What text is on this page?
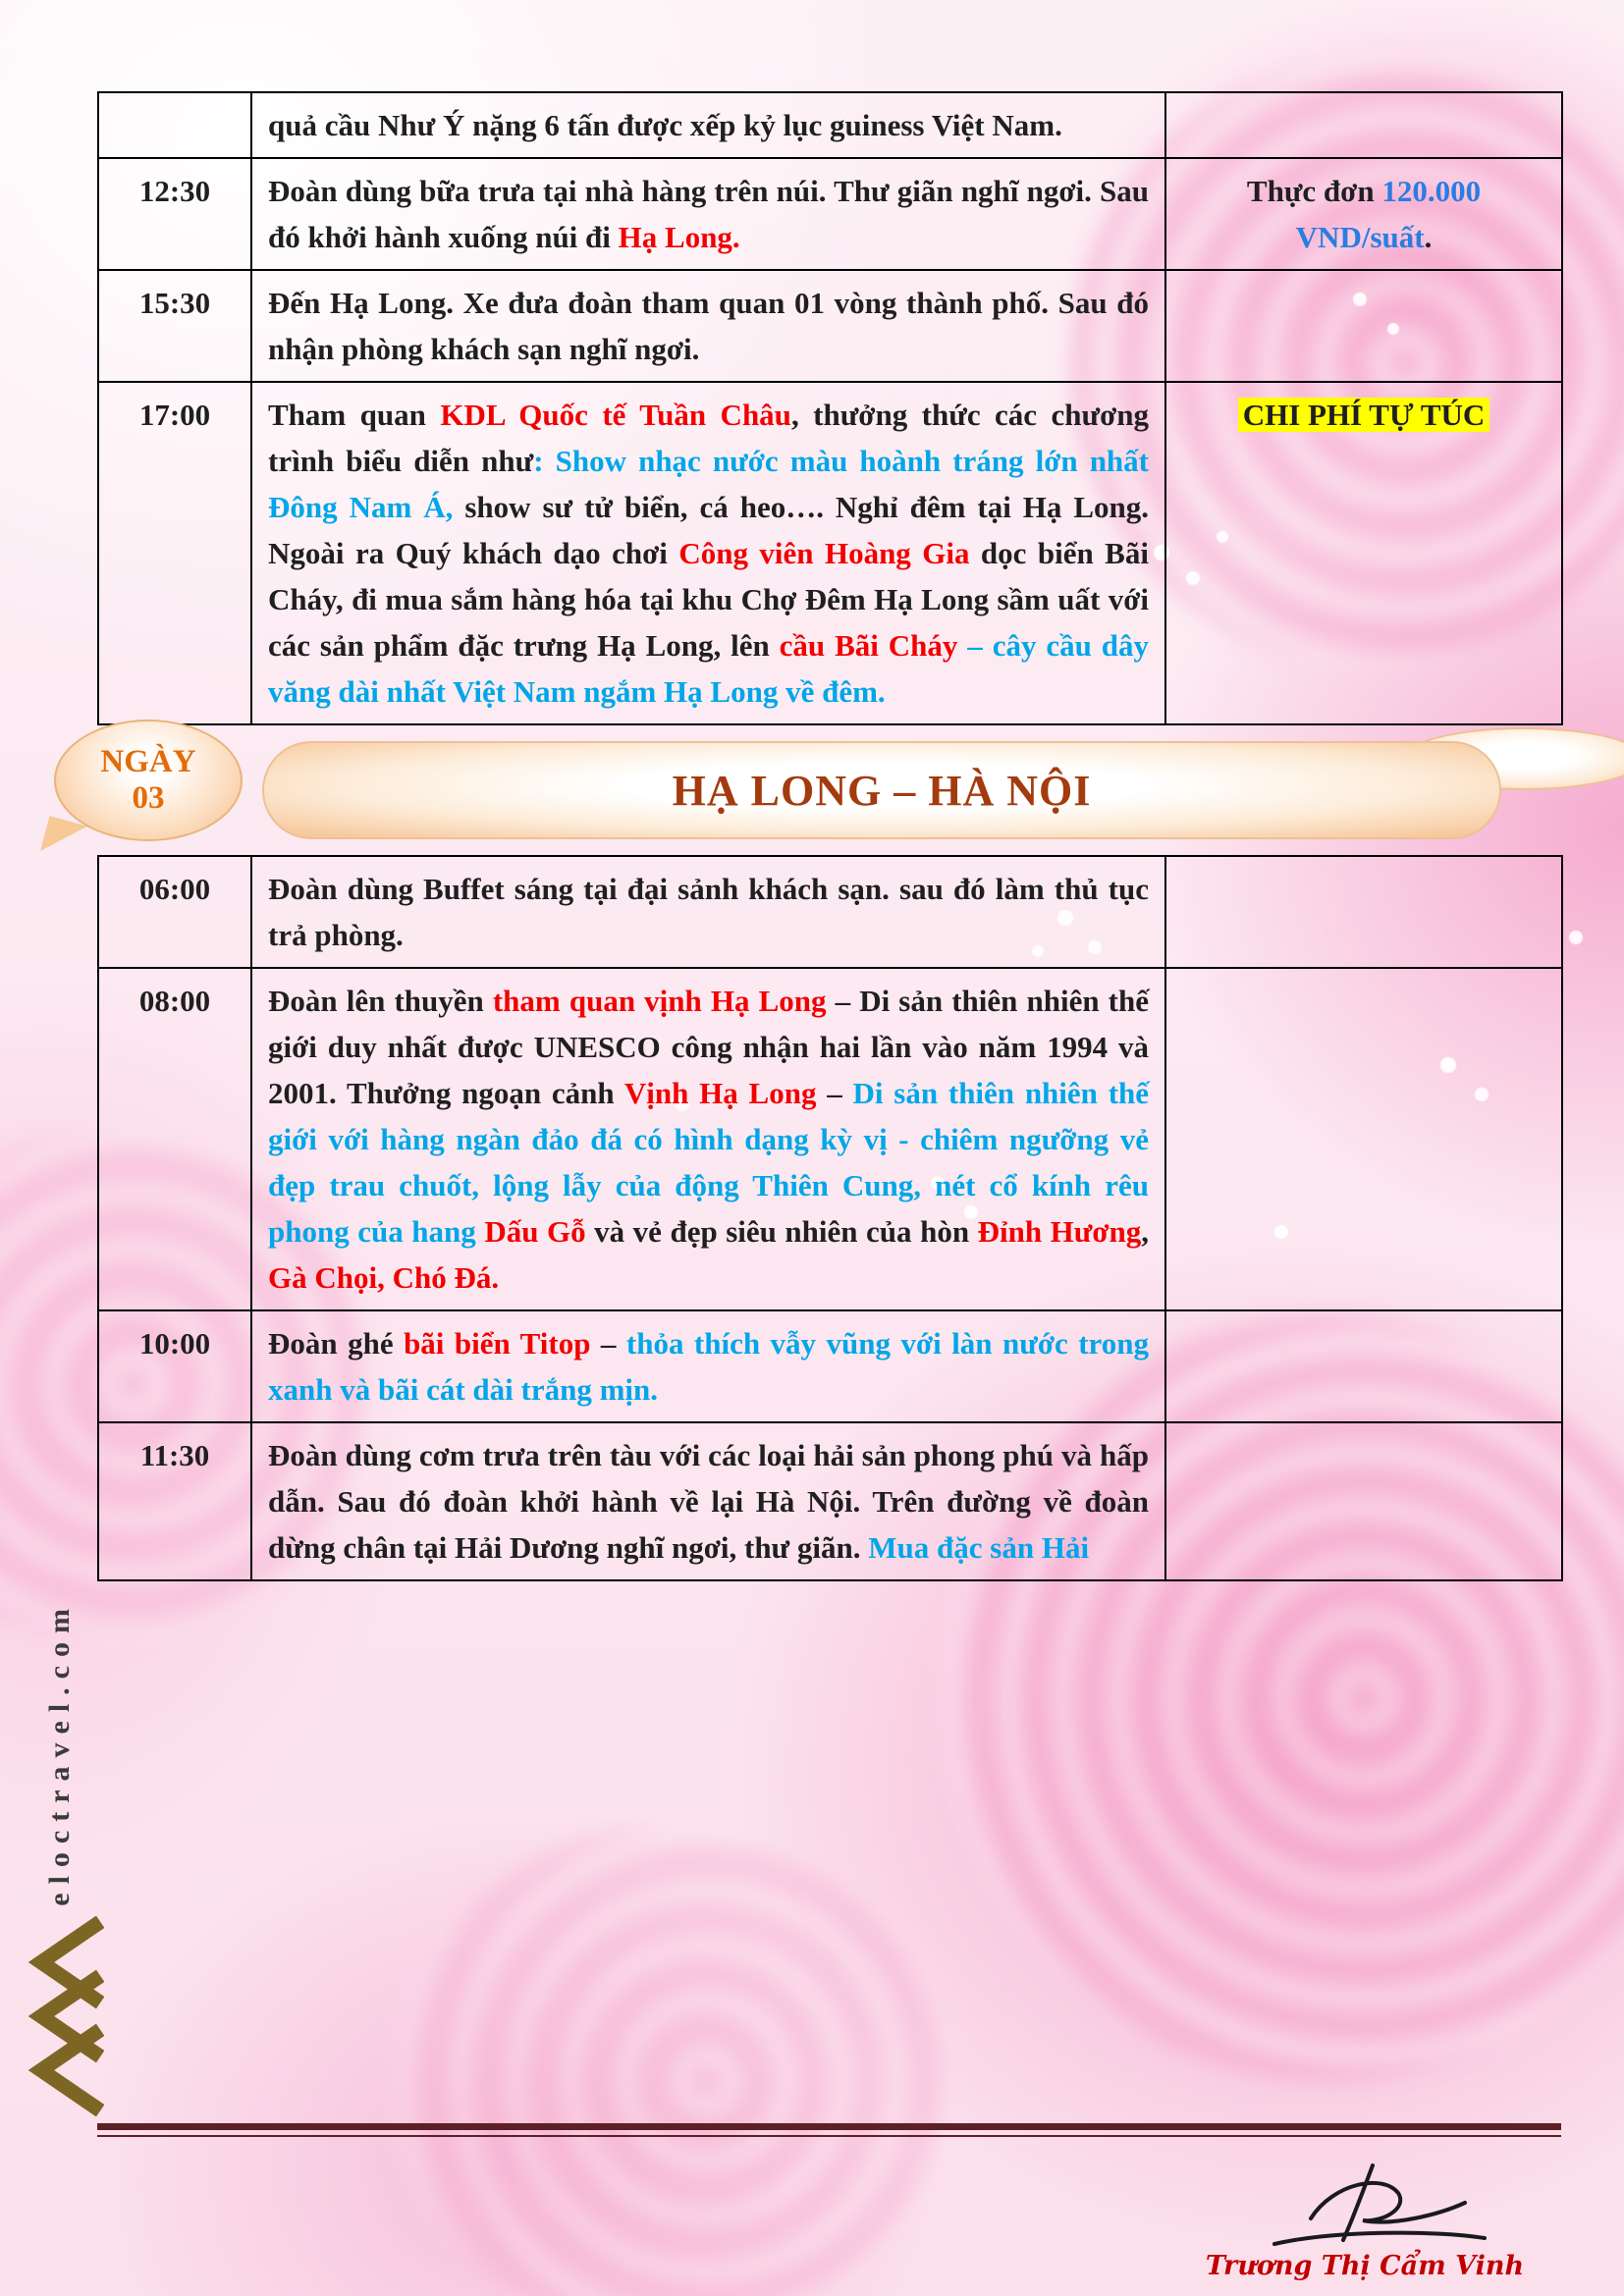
	quả cầu Như Ý nặng 6 tấn được xếp kỷ lục guiness Việt Nam.	
12:30	Đoàn dùng bữa trưa tại nhà hàng trên núi. Thư giãn nghĩ ngơi. Sau đó khởi hành xuống núi đi Hạ Long.	Thực đơn 120.000 VND/suất.
15:30	Đến Hạ Long. Xe đưa đoàn tham quan 01 vòng thành phố. Sau đó nhận phòng khách sạn nghĩ ngơi.	
17:00	Tham quan KDL Quốc tế Tuần Châu, thưởng thức các chương trình biểu diễn như: Show nhạc nước màu hoành tráng lớn nhất Đông Nam Á, show sư tử biển, cá heo…. Nghỉ đêm tại Hạ Long. Ngoài ra Quý khách dạo chơi Công viên Hoàng Gia dọc biển Bãi Cháy, đi mua sắm hàng hóa tại khu Chợ Đêm Hạ Long sầm uất với các sản phẩm đặc trưng Hạ Long, lên cầu Bãi Cháy – cây cầu dây văng dài nhất Việt Nam ngắm Hạ Long về đêm.	CHI PHÍ TỰ TÚC
NGÀY
03	HẠ LONG – HÀ NỘI
06:00	Đoàn dùng Buffet sáng tại đại sảnh khách sạn. sau đó làm thủ tục trả phòng.	
08:00	Đoàn lên thuyền tham quan vịnh Hạ Long – Di sản thiên nhiên thế giới duy nhất được UNESCO công nhận hai lần vào năm 1994 và 2001. Thưởng ngoạn cảnh Vịnh Hạ Long – Di sản thiên nhiên thế giới với hàng ngàn đảo đá có hình dạng kỳ vị - chiêm ngưỡng vẻ đẹp trau chuốt, lộng lẫy của động Thiên Cung, nét cổ kính rêu phong của hang Dấu Gỗ và vẻ đẹp siêu nhiên của hòn Đỉnh Hương, Gà Chọi, Chó Đá.	
10:00	Đoàn ghé bãi biển Titop – thỏa thích vẫy vũng với làn nước trong xanh và bãi cát dài trắng mịn.	
11:30	Đoàn dùng cơm trưa trên tàu với các loại hải sản phong phú và hấp dẫn. Sau đó đoàn khởi hành về lại Hà Nội. Trên đường về đoàn dừng chân tại Hải Dương nghĩ ngơi, thư giãn. Mua đặc sản Hải	
eloctravel.com
Trương Thị Cẩm Vinh
